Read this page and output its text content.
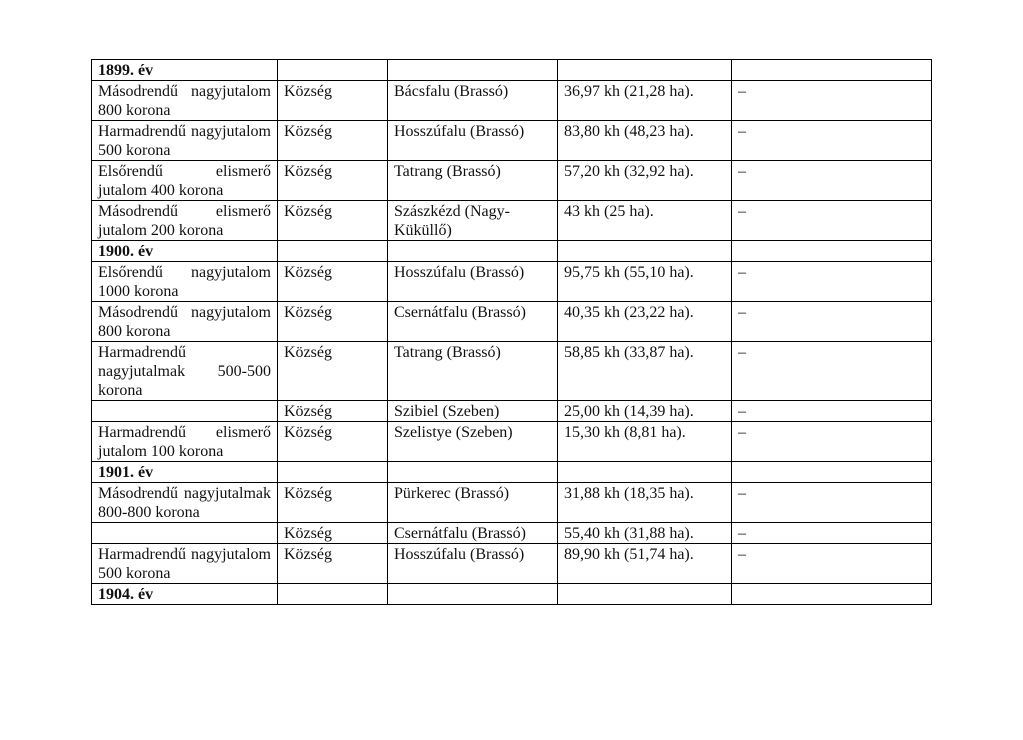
1899. év				
Másodrendű nagyjutalom 800 korona	Község	Bácsfalu (Brassó)	36,97 kh (21,28 ha).	–
Harmadrendű nagyjutalom 500 korona	Község	Hosszúfalu (Brassó)	83,80 kh (48,23 ha).	–
Elsőrendű elismerő jutalom 400 korona	Község	Tatrang (Brassó)	57,20 kh (32,92 ha).	–
Másodrendű elismerő jutalom 200 korona	Község	Szászkézd (Nagy-Küküllő)	43 kh (25 ha).	–
1900. év				
Elsőrendű nagyjutalom 1000 korona	Község	Hosszúfalu (Brassó)	95,75 kh (55,10 ha).	–
Másodrendű nagyjutalom 800 korona	Község	Csernátfalu (Brassó)	40,35 kh (23,22 ha).	–
Harmadrendű nagyjutalmak 500-500 korona	Község	Tatrang (Brassó)	58,85 kh (33,87 ha).	–
	Község	Szibiel (Szeben)	25,00 kh (14,39 ha).	–
Harmadrendű elismerő jutalom 100 korona	Község	Szelistye (Szeben)	15,30 kh (8,81 ha).	–
1901. év				
Másodrendű nagyjutalmak 800-800 korona	Község	Pürkerec (Brassó)	31,88 kh (18,35 ha).	–
	Község	Csernátfalu (Brassó)	55,40 kh (31,88 ha).	–
Harmadrendű nagyjutalom 500 korona	Község	Hosszúfalu (Brassó)	89,90 kh (51,74 ha).	–
1904. év				
